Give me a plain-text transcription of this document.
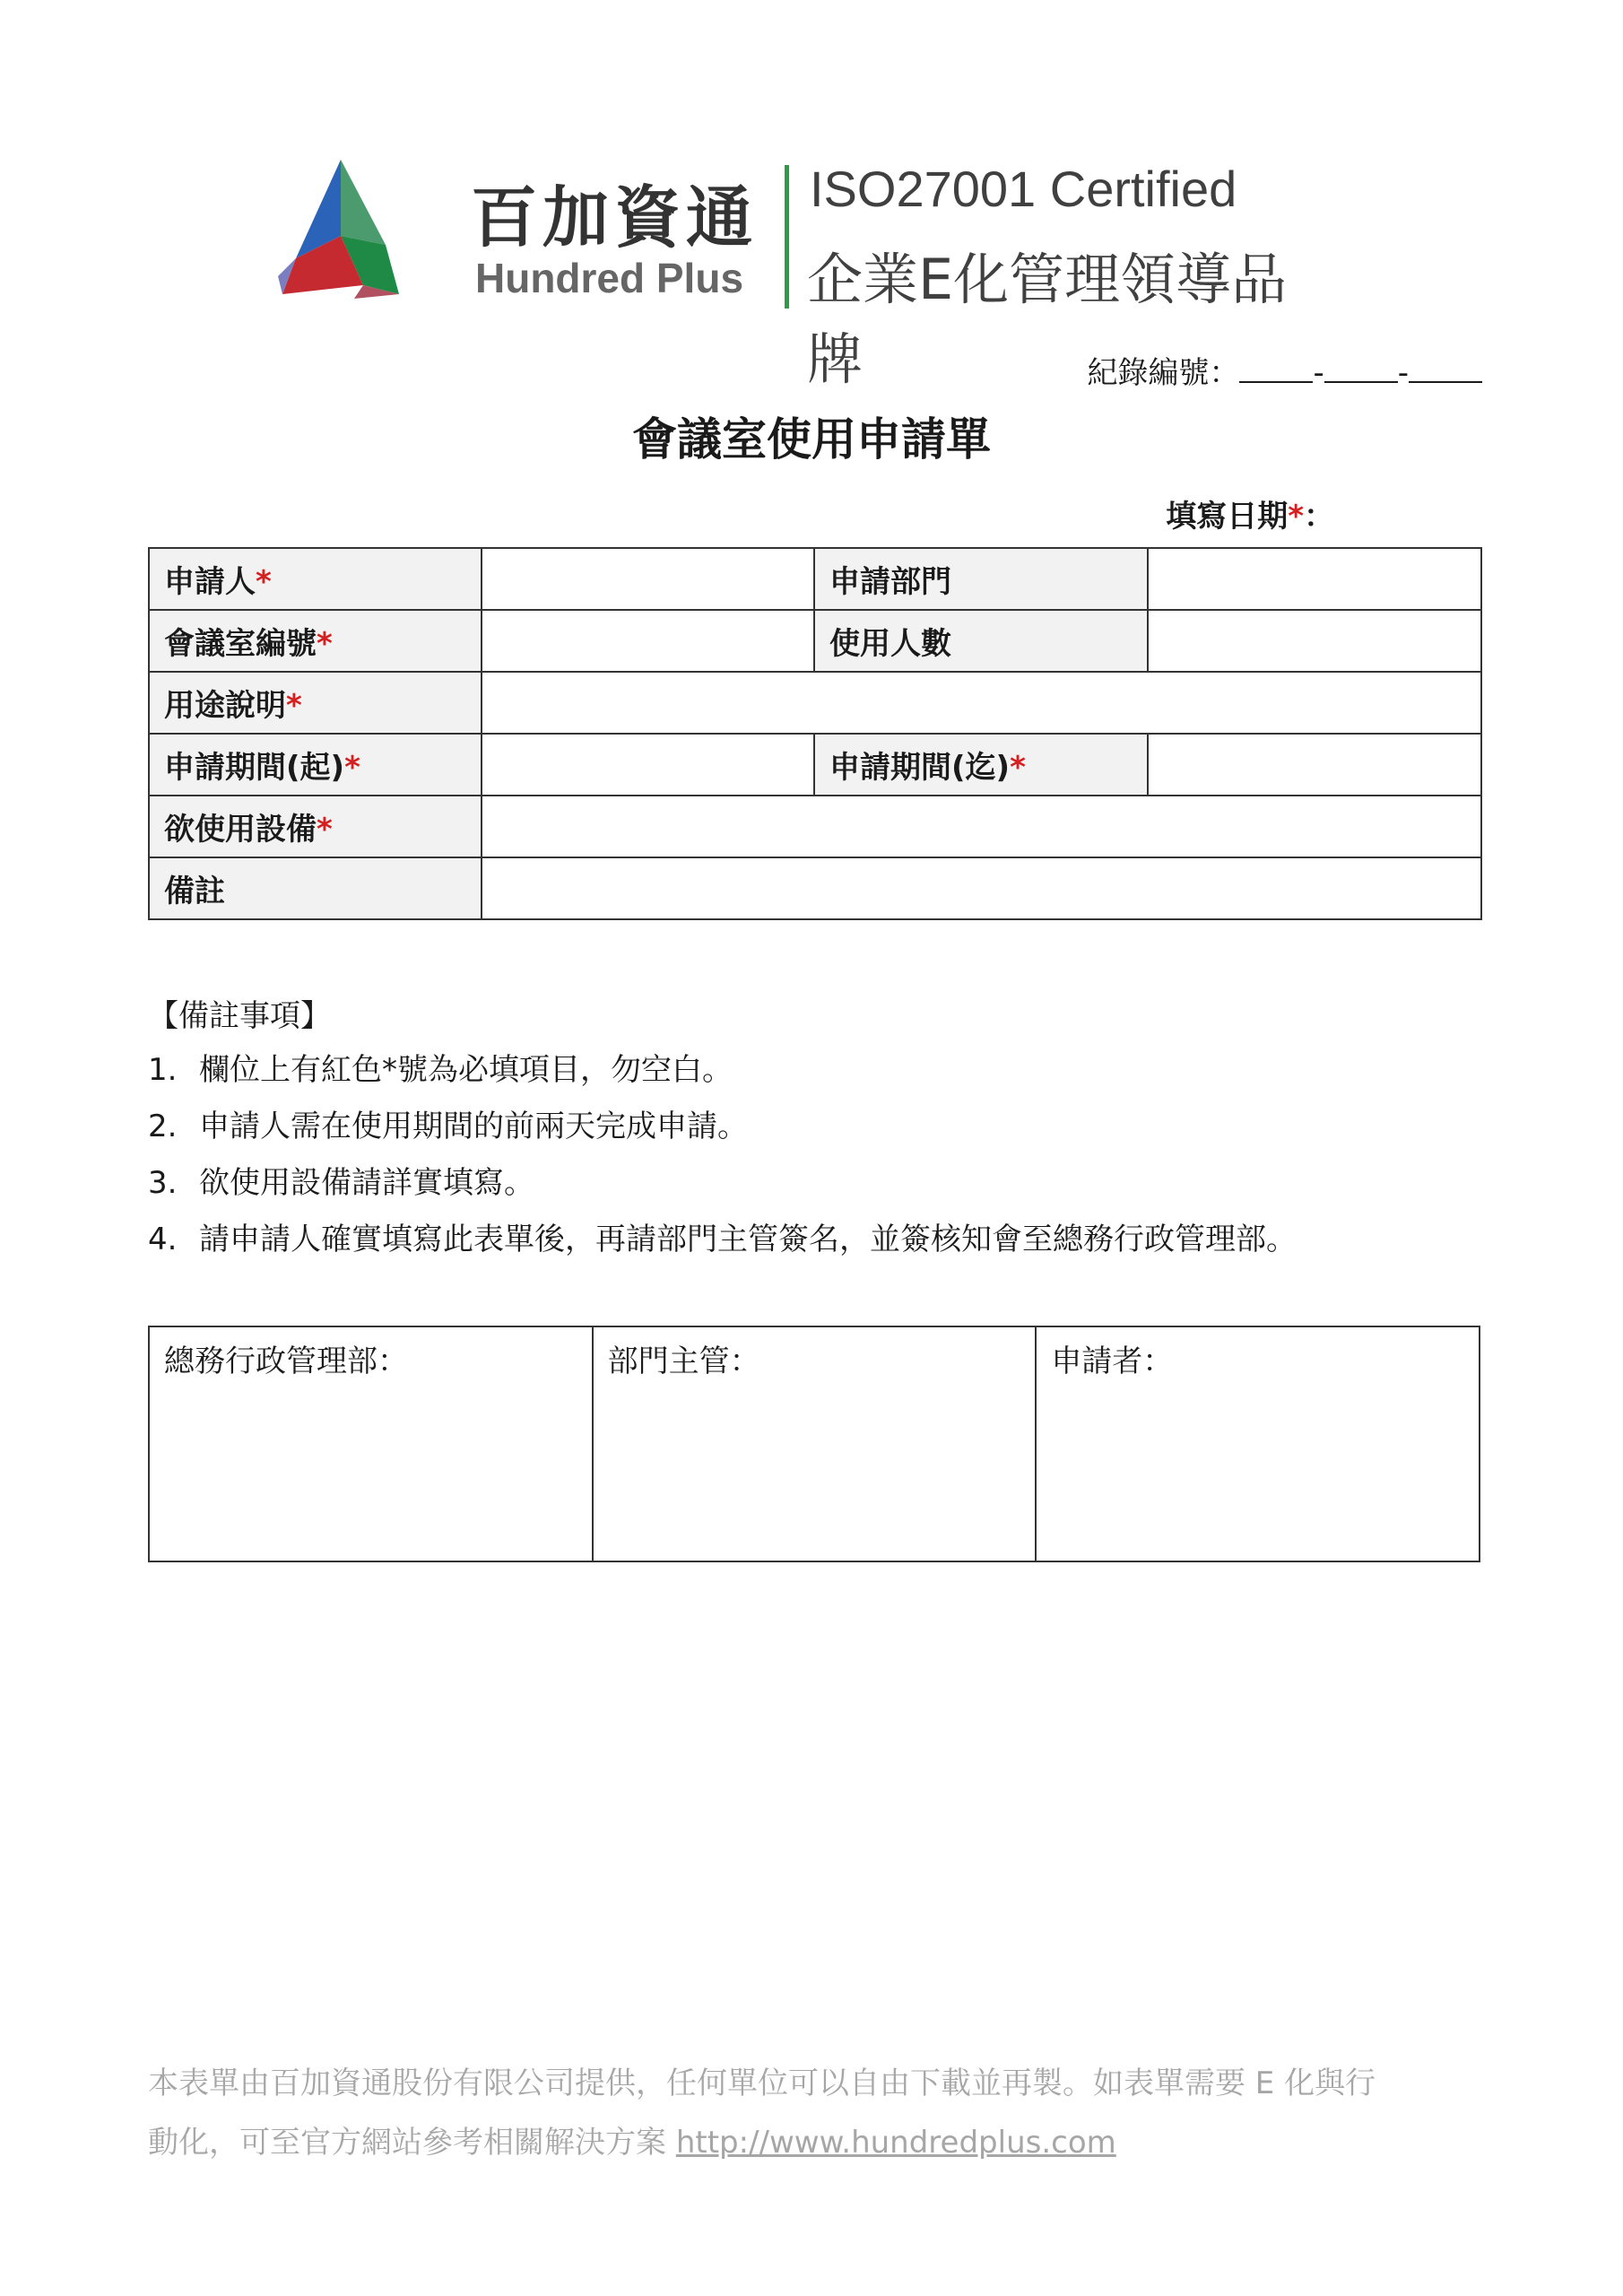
百加資通
Hundred Plus
ISO27001 Certified
企業E化管理領導品牌	紀錄編號： - -
會議室使用申請單
填寫日期*：
申請人*		申請部門	
會議室編號*		使用人數	
用途說明*			
申請期間(起)*		申請期間(迄)*	
欲使用設備*			
備註			
【備註事項】
1. 欄位上有紅色*號為必填項目，勿空白。
2. 申請人需在使用期間的前兩天完成申請。
3. 欲使用設備請詳實填寫。
4. 請申請人確實填寫此表單後，再請部門主管簽名，並簽核知會至總務行政管理部。
總務行政管理部：	部門主管：	申請者：
本表單由百加資通股份有限公司提供，任何單位可以自由下載並再製。如表單需要 E 化與行
動化，可至官方網站參考相關解決方案 http://www.hundredplus.com
